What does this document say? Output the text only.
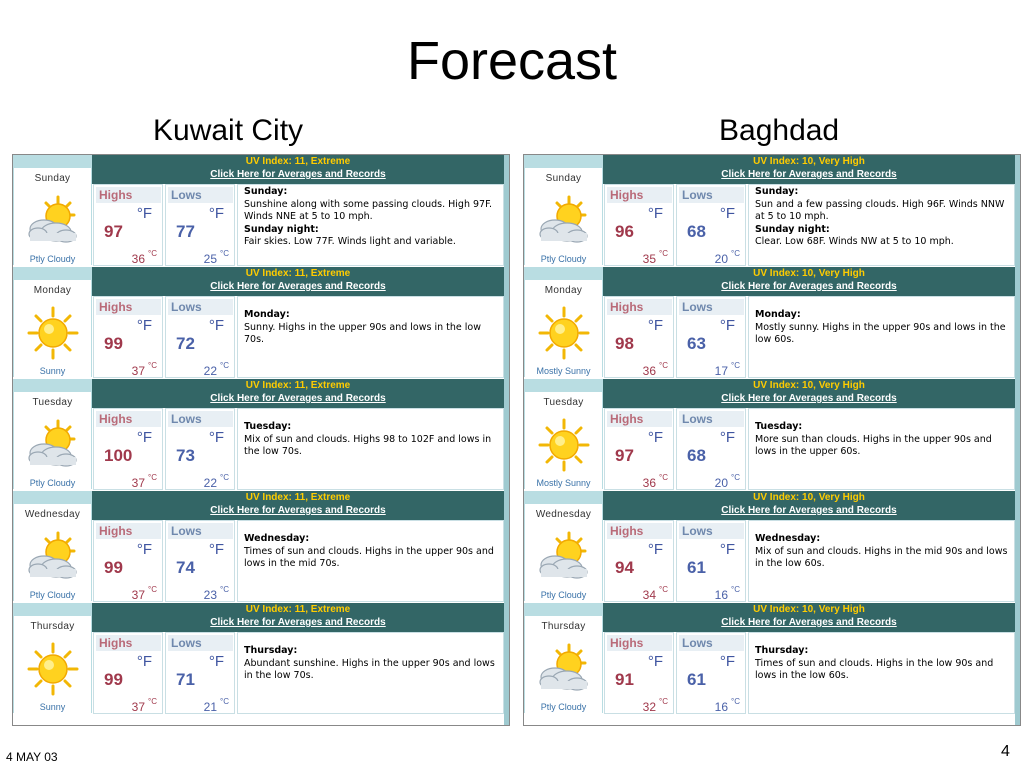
Forecast
Kuwait City	Baghdad
Sunday
Ptly Cloudy
UV Index: 11, Extreme
Click Here for Averages and Records
Highs
°F
97
36 °C
Lows
°F
77
25 °C
Sunday:
Sunshine along with some passing clouds. High 97F. Winds NNE at 5 to 10 mph.
Sunday night:
Fair skies. Low 77F. Winds light and variable.
Monday
Sunny
UV Index: 11, Extreme
Click Here for Averages and Records
Highs
°F
99
37 °C
Lows
°F
72
22 °C
Monday:
Sunny. Highs in the upper 90s and lows in the low 70s.
Tuesday
Ptly Cloudy
UV Index: 11, Extreme
Click Here for Averages and Records
Highs
°F
100
37 °C
Lows
°F
73
22 °C
Tuesday:
Mix of sun and clouds. Highs 98 to 102F and lows in the low 70s.
Wednesday
Ptly Cloudy
UV Index: 11, Extreme
Click Here for Averages and Records
Highs
°F
99
37 °C
Lows
°F
74
23 °C
Wednesday:
Times of sun and clouds. Highs in the upper 90s and lows in the mid 70s.
Thursday
Sunny
UV Index: 11, Extreme
Click Here for Averages and Records
Highs
°F
99
37 °C
Lows
°F
71
21 °C
Thursday:
Abundant sunshine. Highs in the upper 90s and lows in the low 70s.
Sunday
Ptly Cloudy
UV Index: 10, Very High
Click Here for Averages and Records
Highs
°F
96
35 °C
Lows
°F
68
20 °C
Sunday:
Sun and a few passing clouds. High 96F. Winds NNW at 5 to 10 mph.
Sunday night:
Clear. Low 68F. Winds NW at 5 to 10 mph.
Monday
Mostly Sunny
UV Index: 10, Very High
Click Here for Averages and Records
Highs
°F
98
36 °C
Lows
°F
63
17 °C
Monday:
Mostly sunny. Highs in the upper 90s and lows in the low 60s.
Tuesday
Mostly Sunny
UV Index: 10, Very High
Click Here for Averages and Records
Highs
°F
97
36 °C
Lows
°F
68
20 °C
Tuesday:
More sun than clouds. Highs in the upper 90s and lows in the upper 60s.
Wednesday
Ptly Cloudy
UV Index: 10, Very High
Click Here for Averages and Records
Highs
°F
94
34 °C
Lows
°F
61
16 °C
Wednesday:
Mix of sun and clouds. Highs in the mid 90s and lows in the low 60s.
Thursday
Ptly Cloudy
UV Index: 10, Very High
Click Here for Averages and Records
Highs
°F
91
32 °C
Lows
°F
61
16 °C
Thursday:
Times of sun and clouds. Highs in the low 90s and lows in the low 60s.
4 MAY 03	4
